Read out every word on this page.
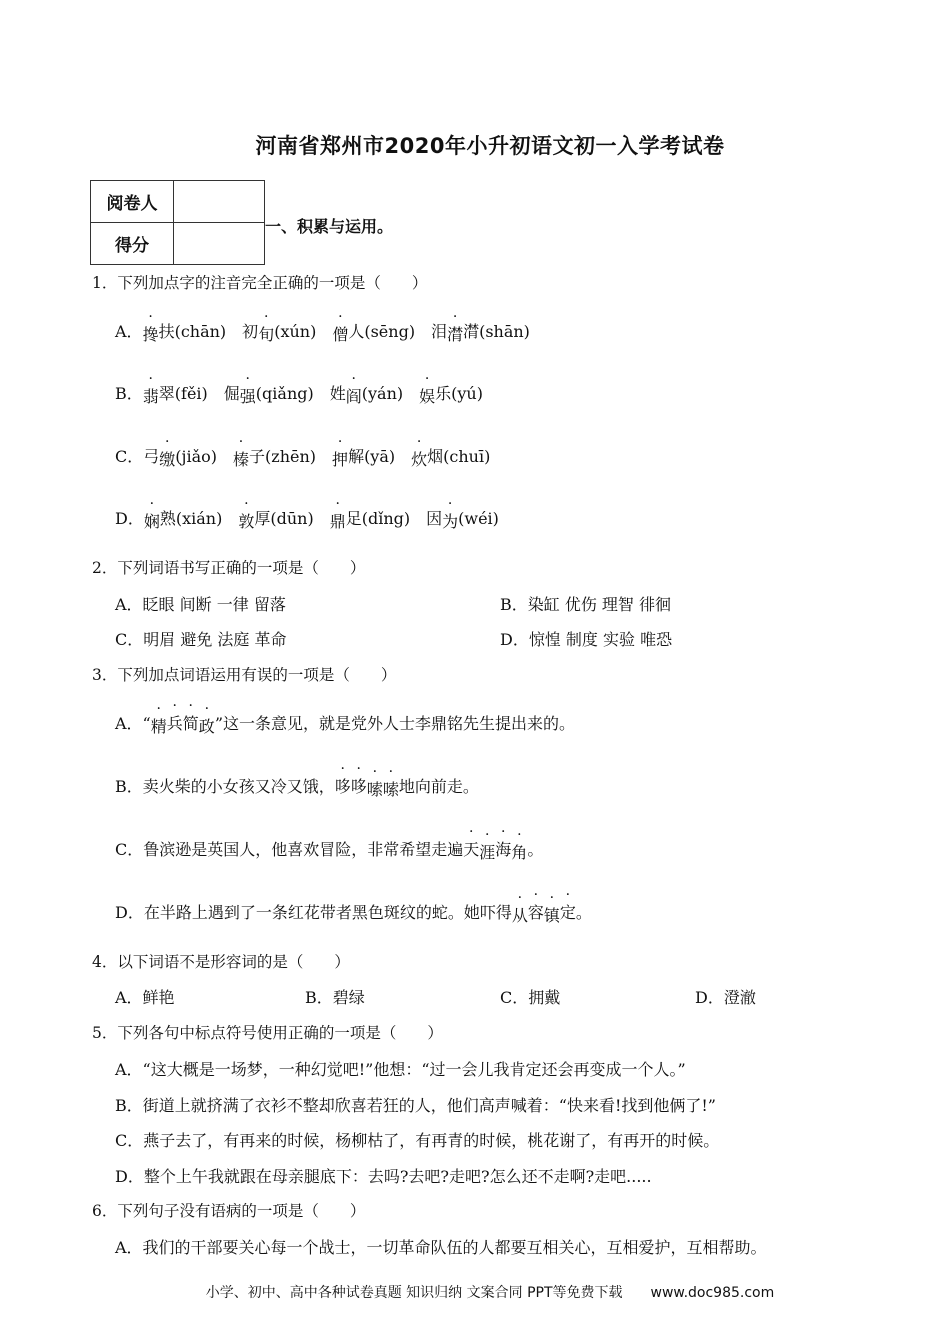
河南省郑州市2020年小升初语文初一入学考试卷
阅卷人	
得分	
一、积累与运用。
1．下列加点字的注音完全正确的一项是（　　）
A．搀扶(chān)　初旬(xún)　僧人(sēng)　泪潸潸(shān)
B．翡翠(fěi)　倔强(qiǎng)　姓阎(yán)　娱乐(yú)
C．弓缴(jiǎo)　榛子(zhēn)　押解(yā)　炊烟(chuī)
D．娴熟(xián)　敦厚(dūn)　鼎足(dǐng)　因为(wéi)
2．下列词语书写正确的一项是（　　）
A．眨眼 间断 一律 留落	B．染缸 优伤 理智 徘徊
C．明眉 避免 法庭 革命	D．惊惶 制度 实验 唯恐
3．下列加点词语运用有误的一项是（　　）
A．“精兵简政”这一条意见，就是党外人士李鼎铭先生提出来的。
B．卖火柴的小女孩又冷又饿，哆哆嗦嗦地向前走。
C．鲁滨逊是英国人，他喜欢冒险，非常希望走遍天涯海角。
D．在半路上遇到了一条红花带者黑色斑纹的蛇。她吓得从容镇定。
4．以下词语不是形容词的是（　　）
A．鲜艳	B．碧绿	C．拥戴	D．澄澈
5．下列各句中标点符号使用正确的一项是（　　）
A．“这大概是一场梦，一种幻觉吧!”他想：“过一会儿我肯定还会再变成一个人。”
B．街道上就挤满了衣衫不整却欣喜若狂的人，他们高声喊着：“快来看!找到他俩了!”
C．燕子去了，有再来的时候，杨柳枯了，有再青的时候，桃花谢了，有再开的时候。
D．整个上午我就跟在母亲腿底下：去吗?去吧?走吧?怎么还不走啊?走吧.....
6．下列句子没有语病的一项是（　　）
A．我们的干部要关心每一个战士，一切革命队伍的人都要互相关心，互相爱护，互相帮助。
小学、初中、高中各种试卷真题 知识归纳 文案合同 PPT等免费下载　　www.doc985.com
